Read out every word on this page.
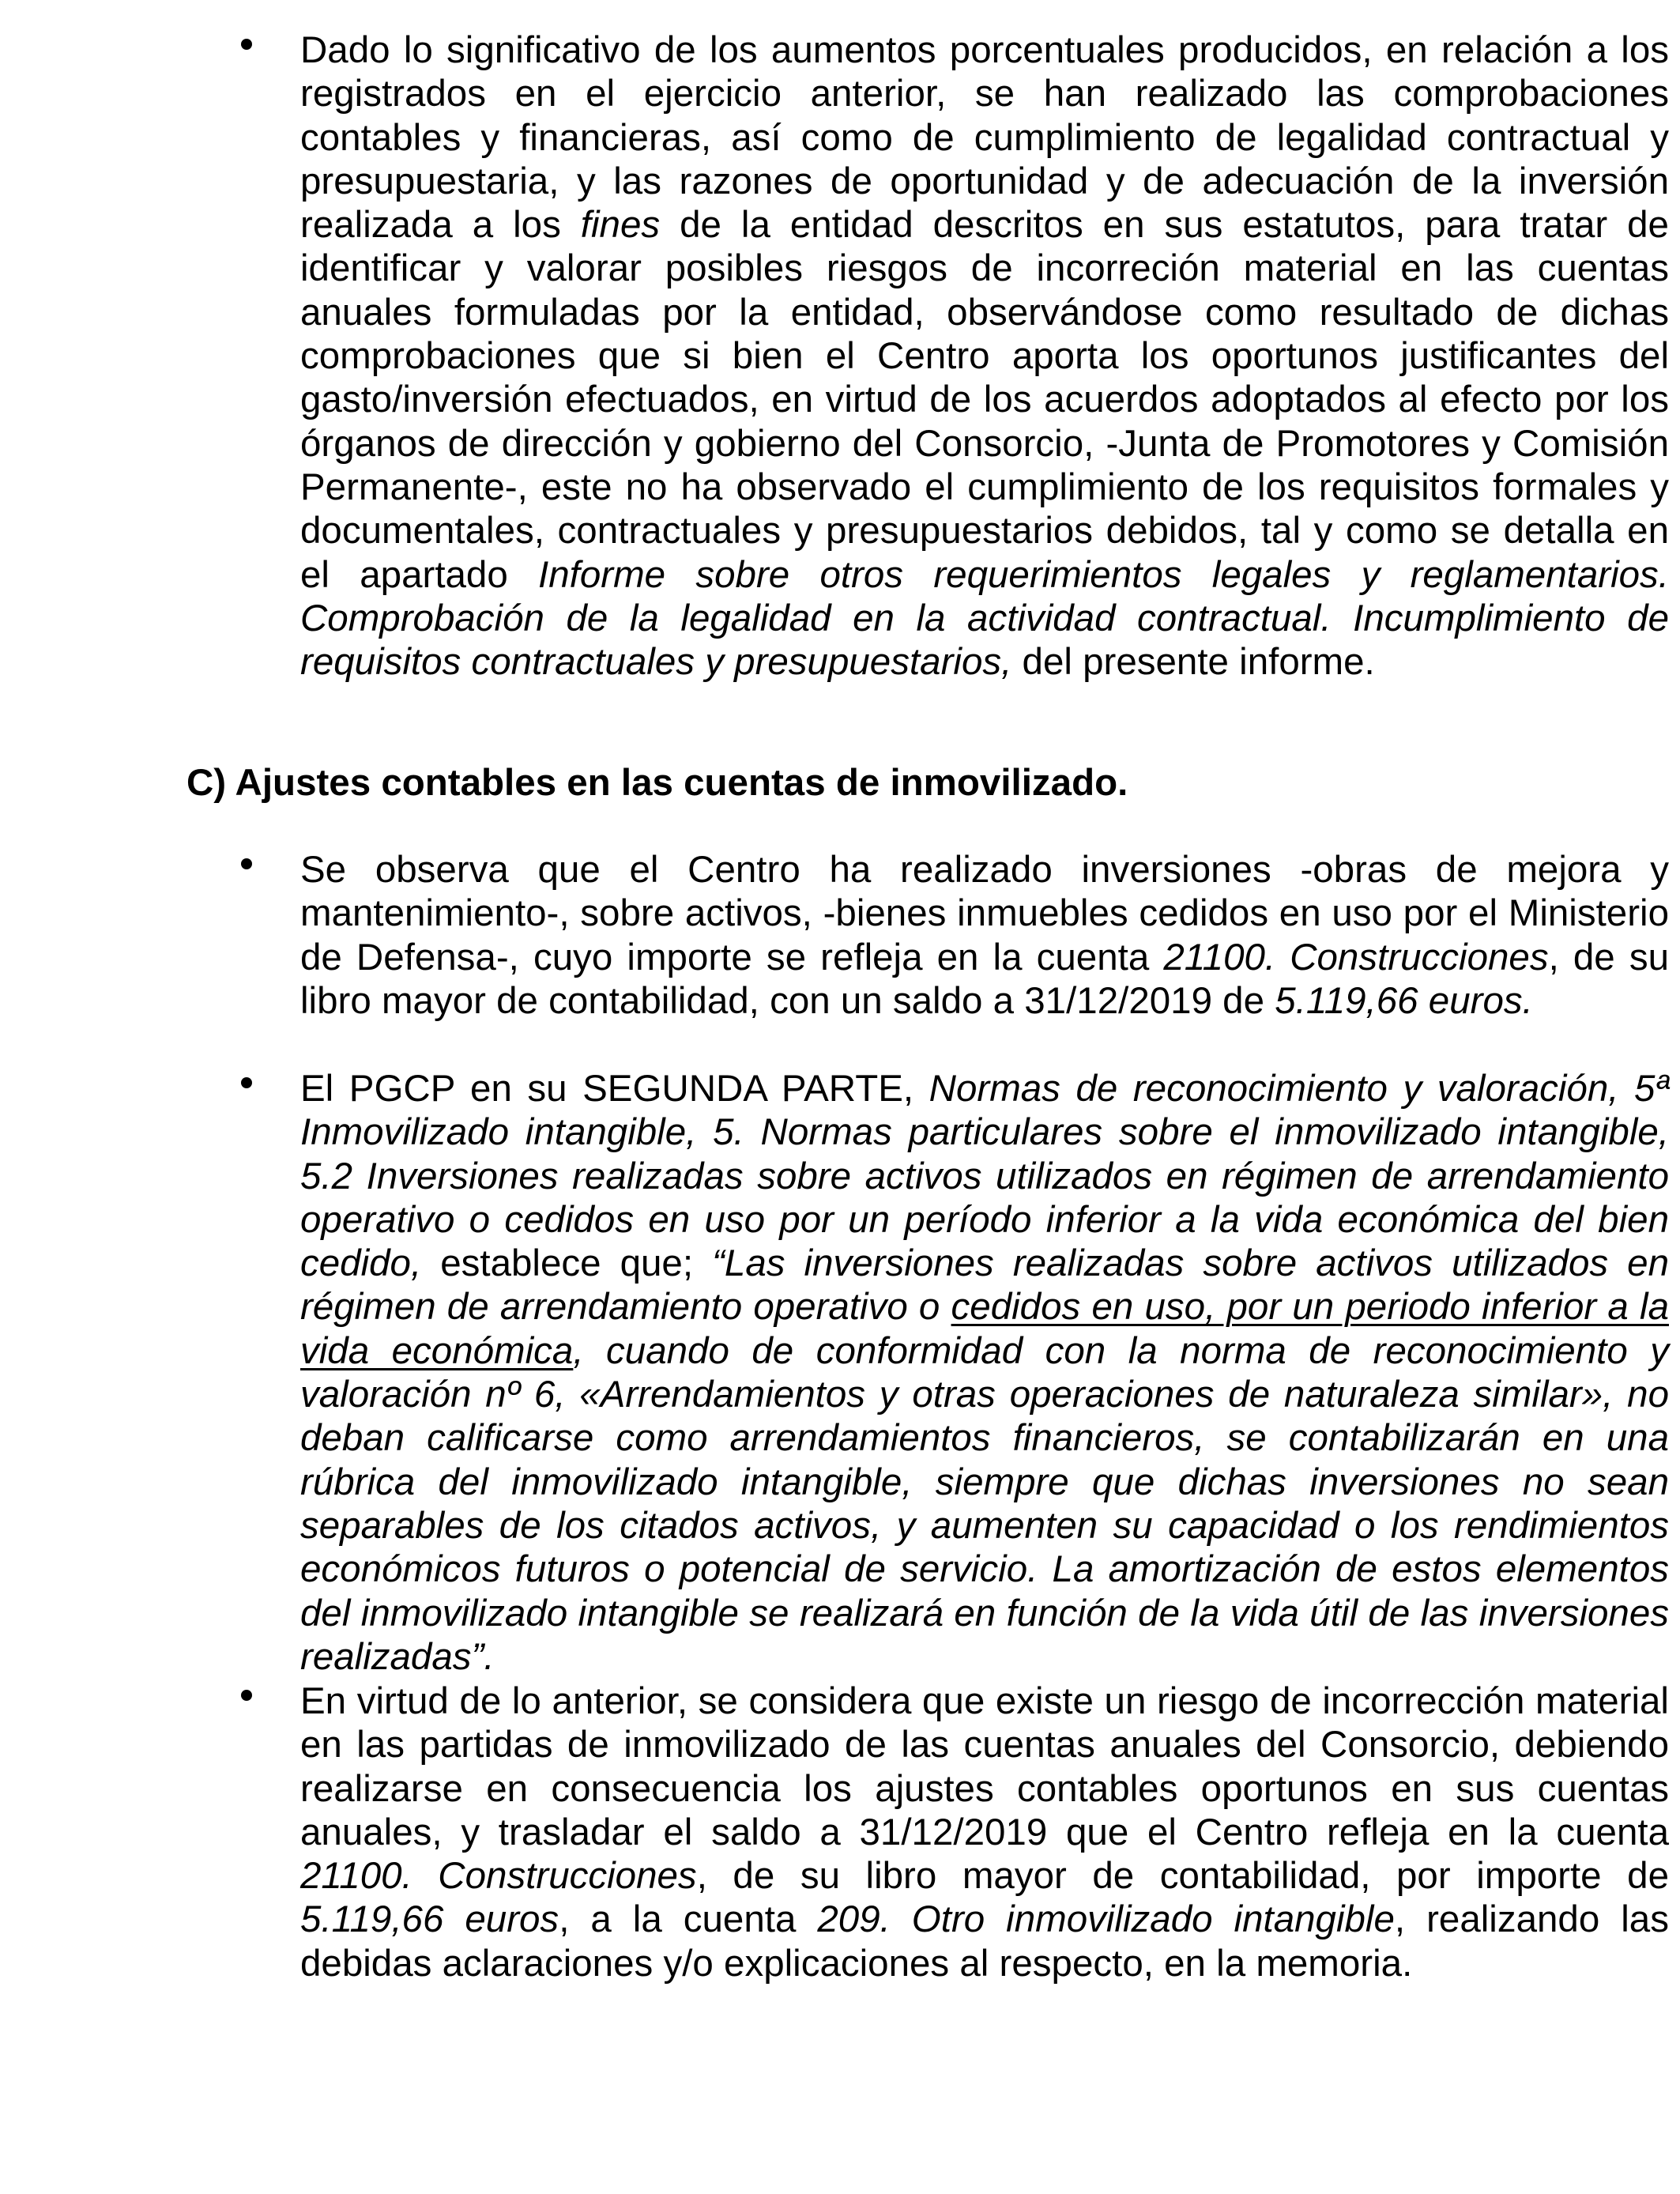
Dado lo significativo de los aumentos porcentuales producidos, en relación a los registrados en el ejercicio anterior, se han realizado las comprobaciones contables y financieras, así como de cumplimiento de legalidad contractual y presupuestaria, y las razones de oportunidad y de adecuación de la inversión realizada a los fines de la entidad descritos en sus estatutos, para tratar de identificar y valorar posibles riesgos de incorreción material en las cuentas anuales formuladas por la entidad, observándose como resultado de dichas comprobaciones que si bien el Centro aporta los oportunos justificantes del gasto/inversión efectuados, en virtud de los acuerdos adoptados al efecto por los órganos de dirección y gobierno del Consorcio, -Junta de Promotores y Comisión Permanente-, este no ha observado el cumplimiento de los requisitos formales y documentales, contractuales y presupuestarios debidos, tal y como se detalla en el apartado Informe sobre otros requerimientos legales y reglamentarios. Comprobación de la legalidad en la actividad contractual. Incumplimiento de requisitos contractuales y presupuestarios, del presente informe.
C) Ajustes contables en las cuentas de inmovilizado.
Se observa que el Centro ha realizado inversiones -obras de mejora y mantenimiento-, sobre activos, -bienes inmuebles cedidos en uso por el Ministerio de Defensa-, cuyo importe se refleja en la cuenta 21100. Construcciones, de su libro mayor de contabilidad, con un saldo a 31/12/2019 de 5.119,66 euros.
El PGCP en su SEGUNDA PARTE, Normas de reconocimiento y valoración, 5ª Inmovilizado intangible, 5. Normas particulares sobre el inmovilizado intangible, 5.2 Inversiones realizadas sobre activos utilizados en régimen de arrendamiento operativo o cedidos en uso por un período inferior a la vida económica del bien cedido, establece que; “Las inversiones realizadas sobre activos utilizados en régimen de arrendamiento operativo o cedidos en uso, por un periodo inferior a la vida económica, cuando de conformidad con la norma de reconocimiento y valoración nº 6, «Arrendamientos y otras operaciones de naturaleza similar», no deban calificarse como arrendamientos financieros, se contabilizarán en una rúbrica del inmovilizado intangible, siempre que dichas inversiones no sean separables de los citados activos, y aumenten su capacidad o los rendimientos económicos futuros o potencial de servicio. La amortización de estos elementos del inmovilizado intangible se realizará en función de la vida útil de las inversiones realizadas”.
En virtud de lo anterior, se considera que existe un riesgo de incorrección material en las partidas de inmovilizado de las cuentas anuales del Consorcio, debiendo realizarse en consecuencia los ajustes contables oportunos en sus cuentas anuales, y trasladar el saldo a 31/12/2019 que el Centro refleja en la cuenta 21100. Construcciones, de su libro mayor de contabilidad, por importe de 5.119,66 euros, a la cuenta 209. Otro inmovilizado intangible, realizando las debidas aclaraciones y/o explicaciones al respecto, en la memoria.
